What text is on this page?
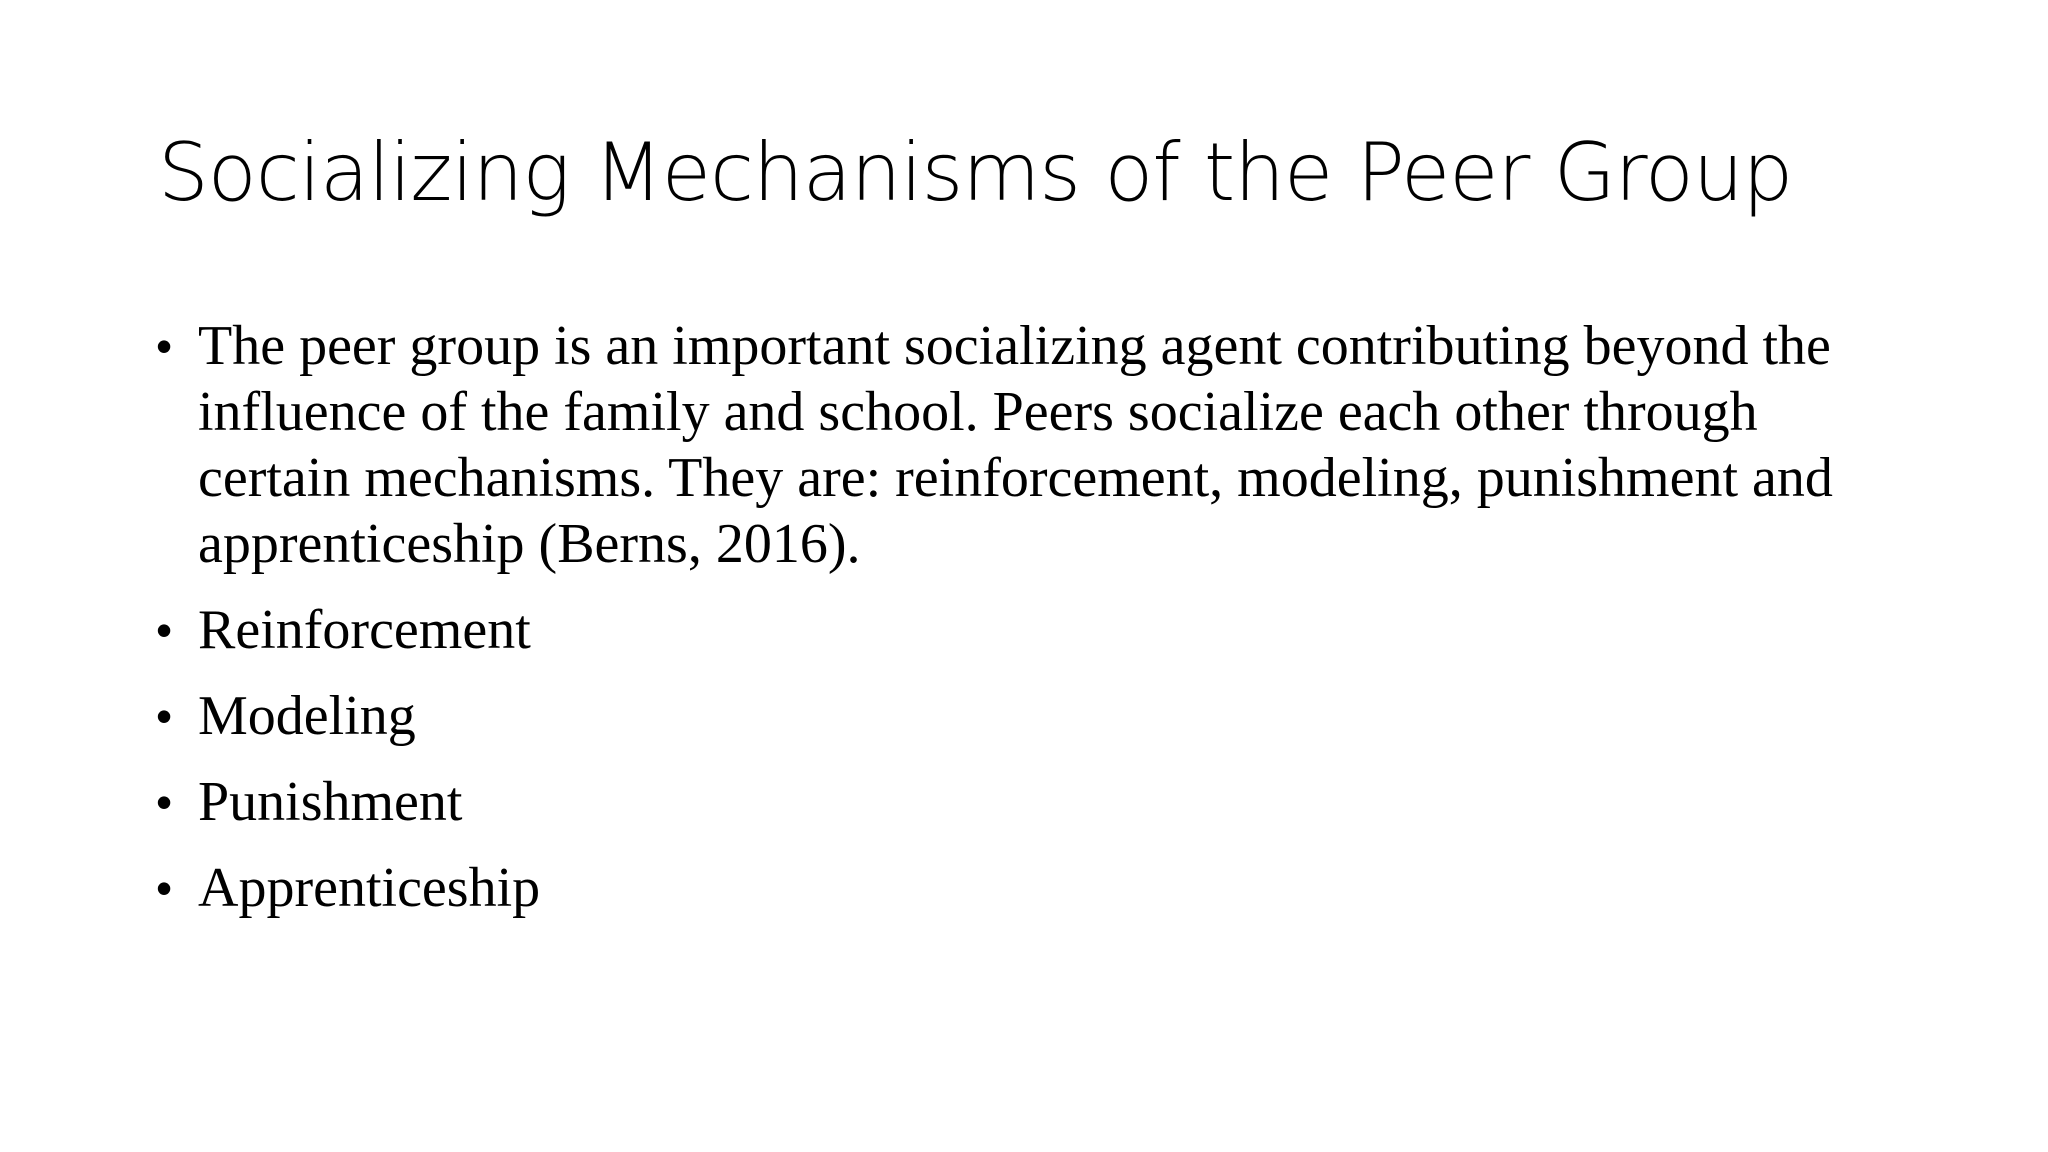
Socializing Mechanisms of the Peer Group
• The peer group is an important socializing agent contributing beyond the influence of the family and school. Peers socialize each other through certain mechanisms. They are: reinforcement, modeling, punishment and apprenticeship (Berns, 2016).
• Reinforcement
• Modeling
• Punishment
• Apprenticeship
